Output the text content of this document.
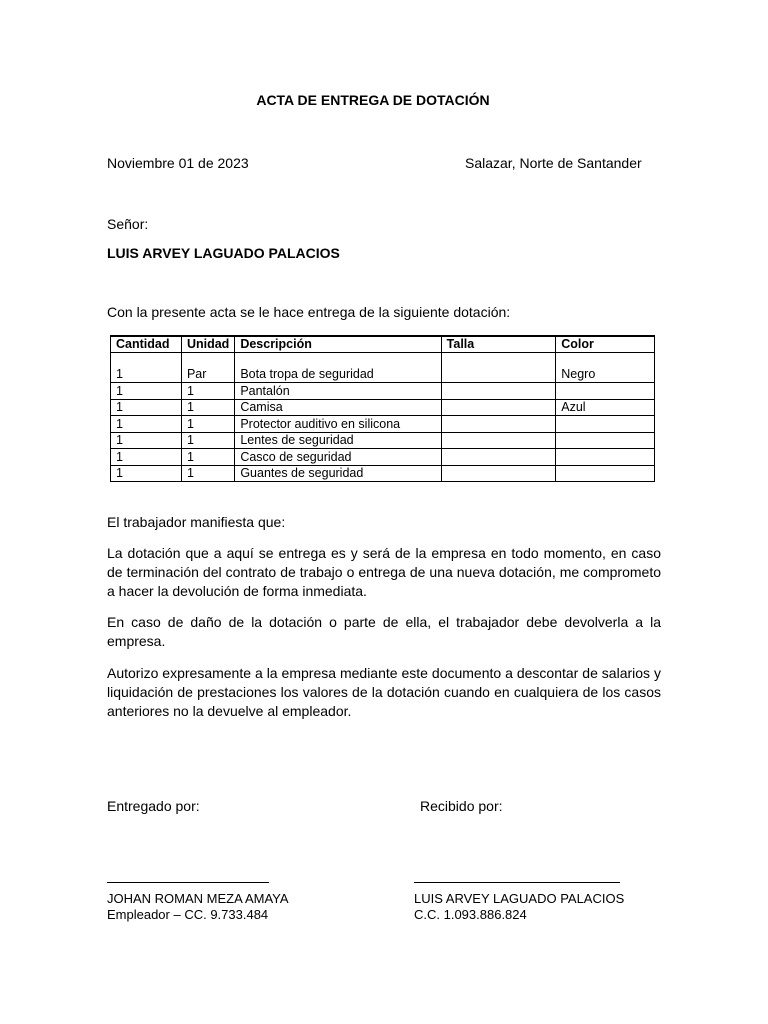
ACTA DE ENTREGA DE DOTACIÓN
Noviembre 01 de 2023	Salazar, Norte de Santander
Señor:
LUIS ARVEY LAGUADO PALACIOS
Con la presente acta se le hace entrega de la siguiente dotación:
Cantidad	Unidad	Descripción	Talla	Color
1	Par	Bota tropa de seguridad		Negro
1	1	Pantalón		
1	1	Camisa		Azul
1	1	Protector auditivo en silicona		
1	1	Lentes de seguridad		
1	1	Casco de seguridad		
1	1	Guantes de seguridad		
El trabajador manifiesta que:
La dotación que a aquí se entrega es y será de la empresa en todo momento, en caso de terminación del contrato de trabajo o entrega de una nueva dotación, me comprometo a hacer la devolución de forma inmediata.
En caso de daño de la dotación o parte de ella, el trabajador debe devolverla a la empresa.
Autorizo expresamente a la empresa mediante este documento a descontar de salarios y liquidación de prestaciones los valores de la dotación cuando en cualquiera de los casos anteriores no la devuelve al empleador.
Entregado por:	Recibido por:
JOHAN ROMAN MEZA AMAYA
Empleador – CC. 9.733.484
LUIS ARVEY LAGUADO PALACIOS
C.C. 1.093.886.824
